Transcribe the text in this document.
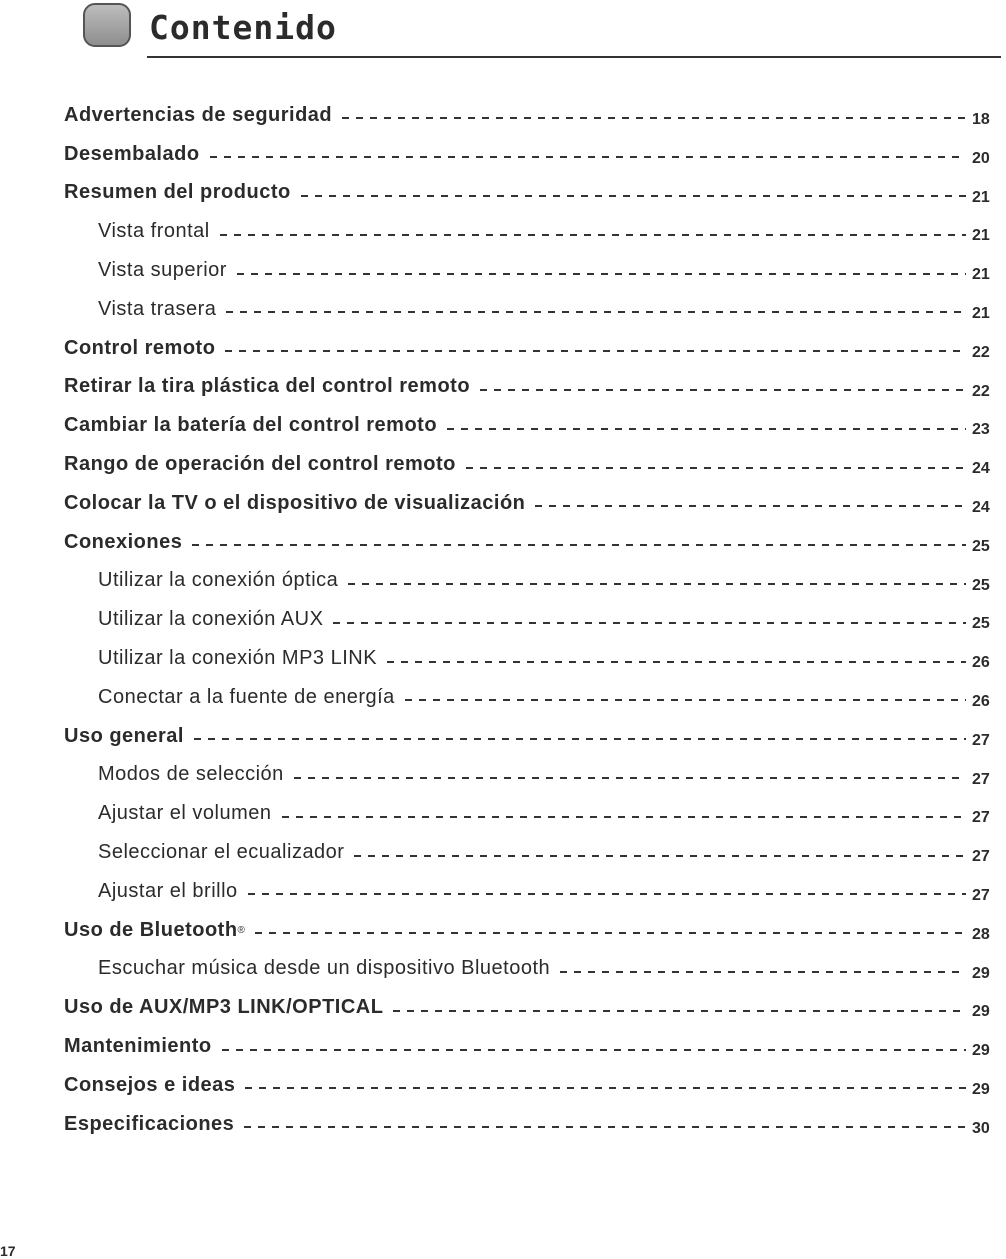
Contenido
Advertencias de seguridad	18
Desembalado	20
Resumen del producto	21
Vista frontal	21
Vista superior	21
Vista trasera	21
Control remoto	22
Retirar la tira plástica del control remoto	22
Cambiar la batería del control remoto	23
Rango de operación del control remoto	24
Colocar la TV o el dispositivo de visualización	24
Conexiones	25
Utilizar la conexión óptica	25
Utilizar la conexión AUX	25
Utilizar la conexión MP3 LINK	26
Conectar a la fuente de energía	26
Uso general	27
Modos de selección	27
Ajustar el volumen	27
Seleccionar el ecualizador	27
Ajustar el brillo	27
Uso de Bluetooth ®	28
Escuchar música desde un dispositivo Bluetooth	29
Uso de AUX/MP3 LINK/OPTICAL	29
Mantenimiento	29
Consejos e ideas	29
Especificaciones	30
17
